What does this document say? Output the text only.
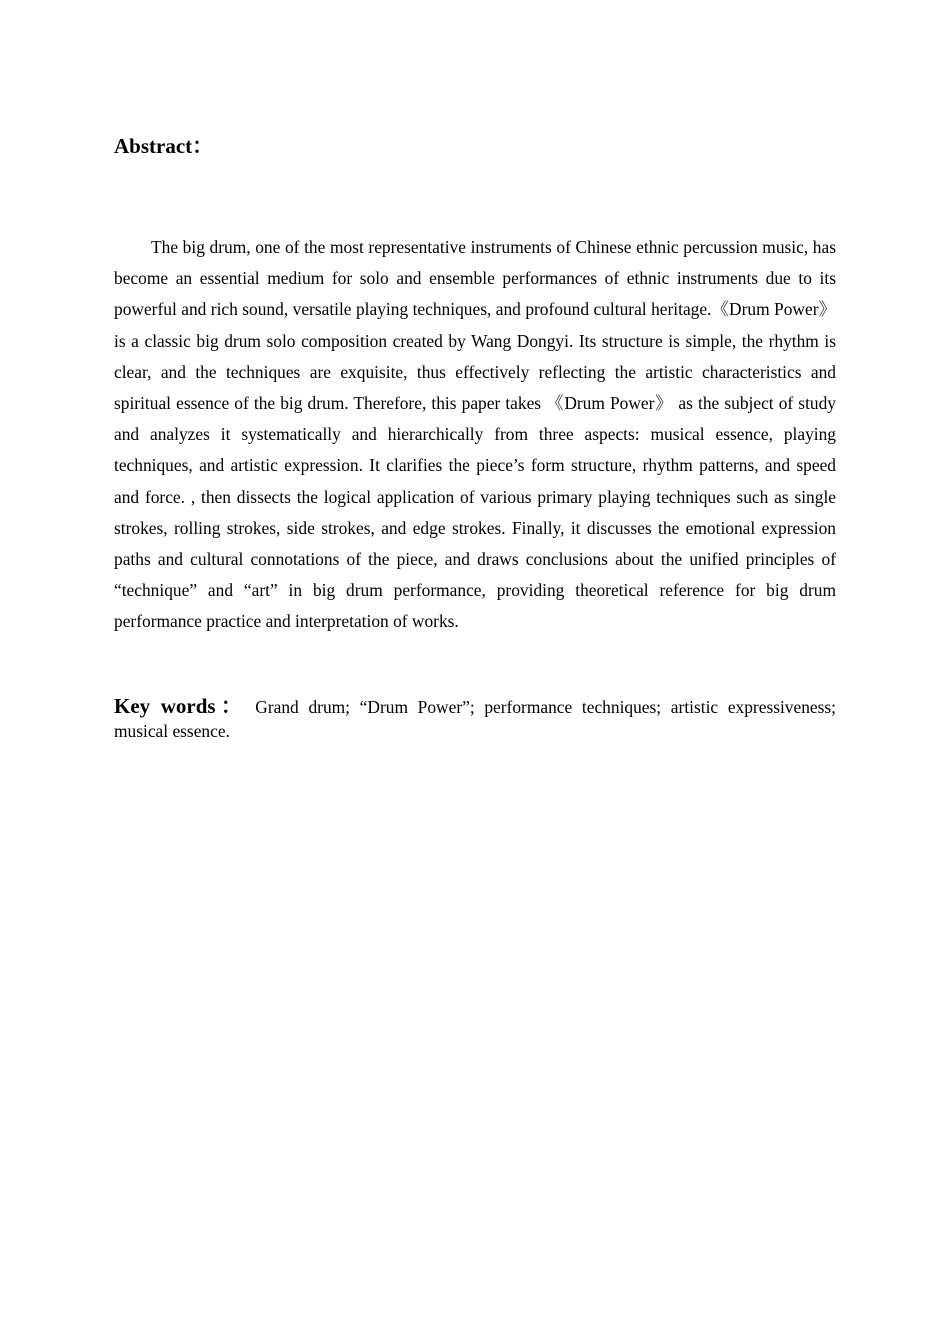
Abstract：

The big drum, one of the most representative instruments of Chinese ethnic percussion music, has become an essential medium for solo and ensemble performances of ethnic instruments due to its powerful and rich sound, versatile playing techniques, and profound cultural heritage.《Drum Power》 is a classic big drum solo composition created by Wang Dongyi. Its structure is simple, the rhythm is clear, and the techniques are exquisite, thus effectively reflecting the artistic characteristics and spiritual essence of the big drum. Therefore, this paper takes 《Drum Power》 as the subject of study and analyzes it systematically and hierarchically from three aspects: musical essence, playing techniques, and artistic expression. It clarifies the piece’s form structure, rhythm patterns, and speed and force. , then dissects the logical application of various primary playing techniques such as single strokes, rolling strokes, side strokes, and edge strokes. Finally, it discusses the emotional expression paths and cultural connotations of the piece, and draws conclusions about the unified principles of “technique” and “art” in big drum performance, providing theoretical reference for big drum performance practice and interpretation of works.

Key words： Grand drum; “Drum Power”; performance techniques; artistic expressiveness; musical essence.
